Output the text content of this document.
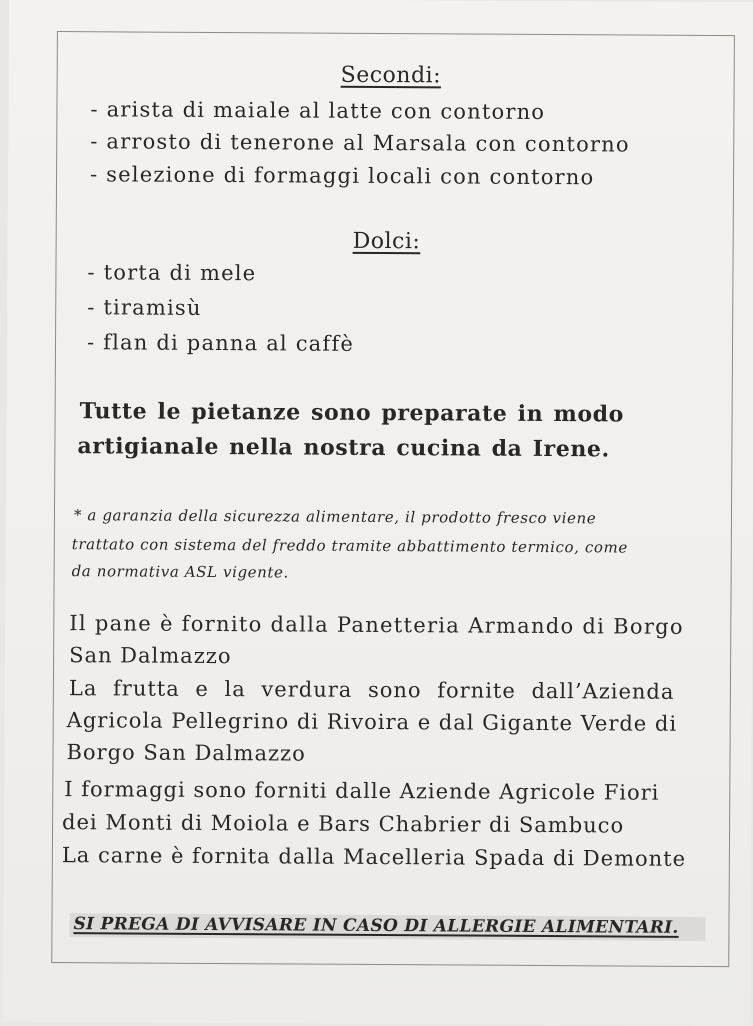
Secondi:
- arista di maiale al latte con contorno
- arrosto di tenerone al Marsala con contorno
- selezione di formaggi locali con contorno
Dolci:
- torta di mele
- tiramisù
- flan di panna al caffè
Tutte le pietanze sono preparate in modo
artigianale nella nostra cucina da Irene.
* a garanzia della sicurezza alimentare, il prodotto fresco viene
trattato con sistema del freddo tramite abbattimento termico, come
da normativa ASL vigente.
Il pane è fornito dalla Panetteria Armando di Borgo
San Dalmazzo
La frutta e la verdura sono fornite dall’Azienda
Agricola Pellegrino di Rivoira e dal Gigante Verde di
Borgo San Dalmazzo
I formaggi sono forniti dalle Aziende Agricole Fiori
dei Monti di Moiola e Bars Chabrier di Sambuco
La carne è fornita dalla Macelleria Spada di Demonte
SI PREGA DI AVVISARE IN CASO DI ALLERGIE ALIMENTARI.
